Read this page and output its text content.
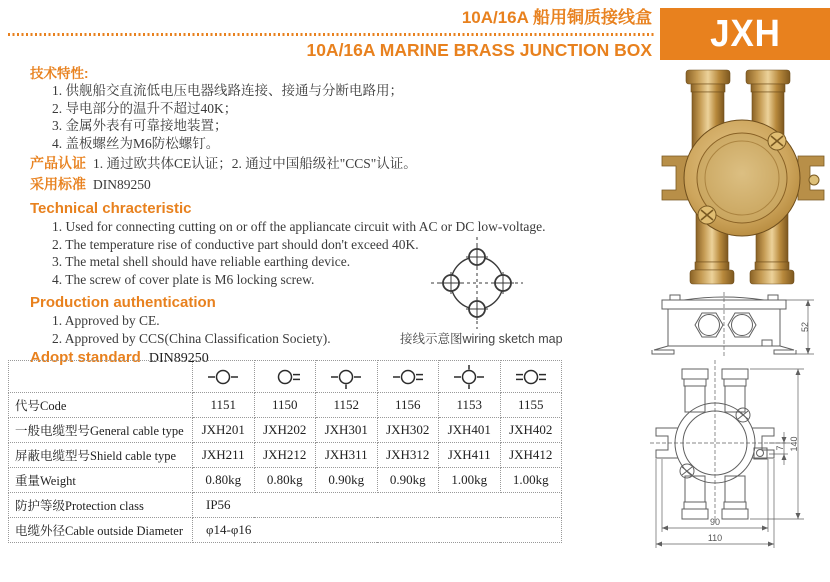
10A/16A 船用铜质接线盒
10A/16A MARINE BRASS JUNCTION BOX JXH
技术特性:
1. 供舰船交直流低电压电器线路连接、接通与分断电路用；
2. 导电部分的温升不超过40K；
3. 金属外表有可靠接地装置；
4. 盖板螺丝为M6防松螺钉。
产品认证 1. 通过欧共体CE认证；2. 通过中国船级社"CCS"认证。
采用标准 DIN89250
Technical chracteristic
1. Used for connecting cutting on or off the appliancate circuit with AC or DC low-voltage.
2. The temperature rise of conductive part should don't exceed 40K.
3. The metal shell should have reliable earthing device.
4. The screw of cover plate is M6 locking screw.
Production authentication
1. Approved by CE.
2. Approved by CCS(China Classification Society).
Adopt standard DIN89250
接线示意图wiring sketch map

代号Code	1151	1150	1152	1156	1153	1155
一般电缆型号General cable type	JXH201	JXH202	JXH301	JXH302	JXH401	JXH402
屏蔽电缆型号Shield cable type	JXH211	JXH212	JXH311	JXH312	JXH411	JXH412
重量Weight	0.80kg	0.80kg	0.90kg	0.90kg	1.00kg	1.00kg
防护等级Protection class	IP56					
电缆外径Cable outside Diameter	φ14-φ16					
52
140
7
90
110
